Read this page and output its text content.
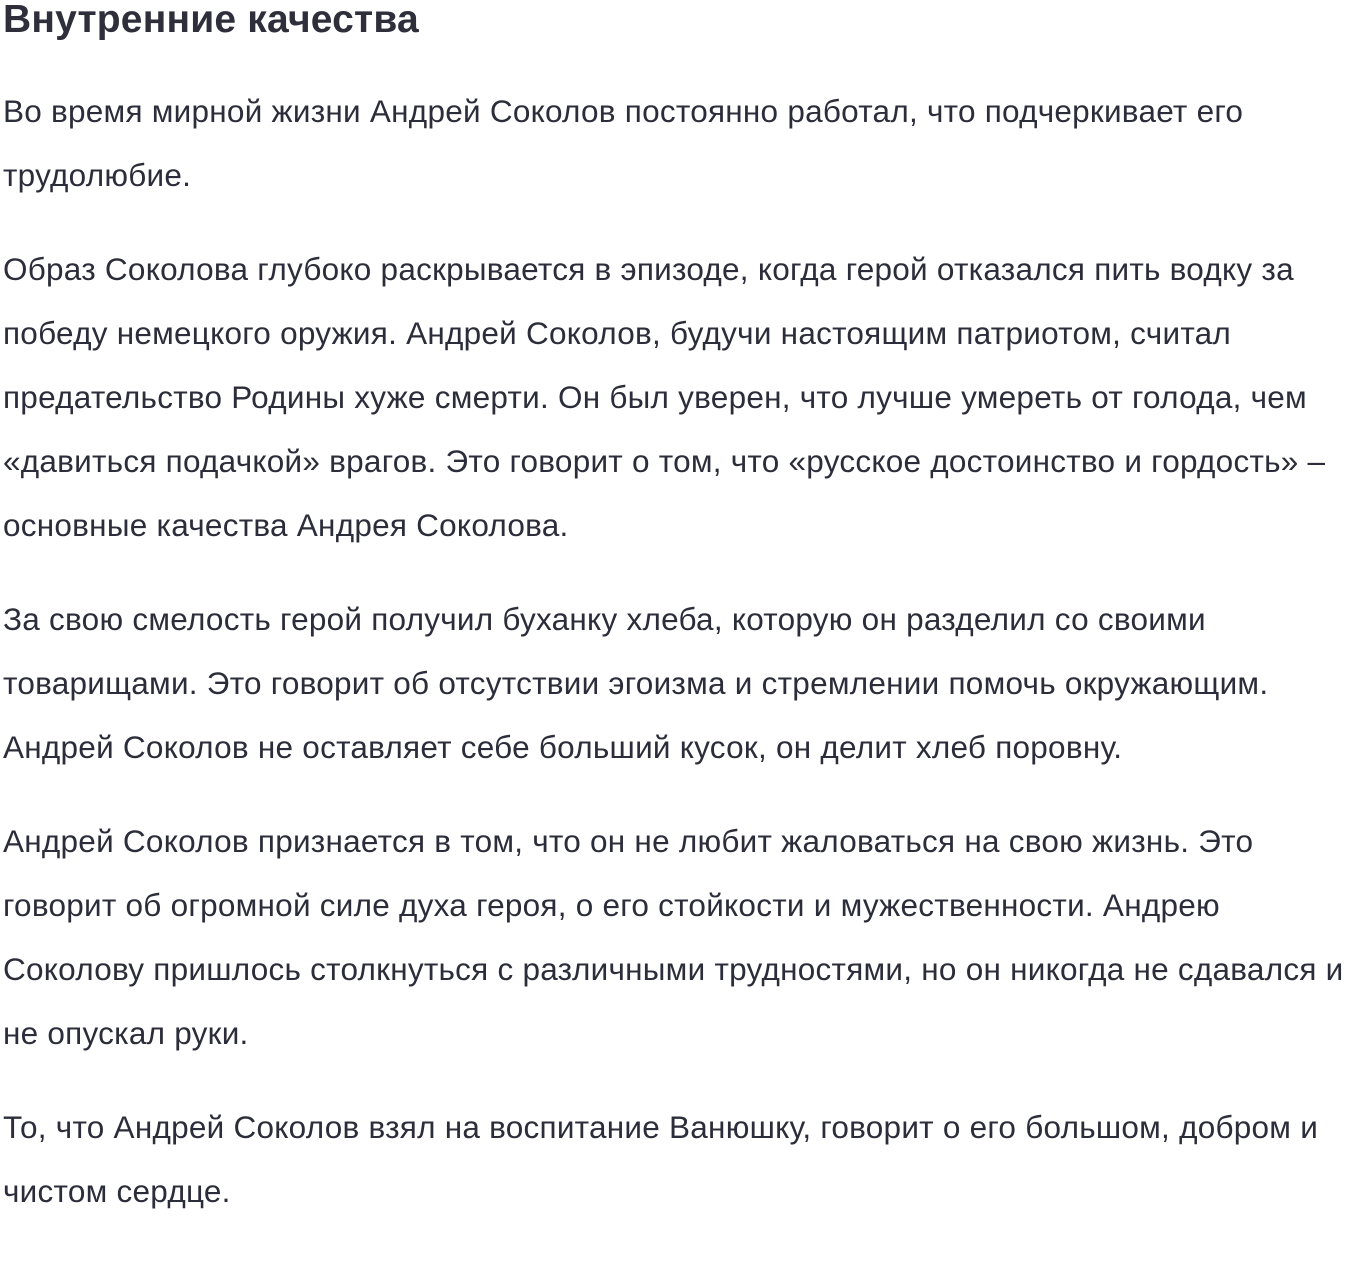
Внутренние качества

Во время мирной жизни Андрей Соколов постоянно работал, что подчеркивает его трудолюбие.

Образ Соколова глубоко раскрывается в эпизоде, когда герой отказался пить водку за победу немецкого оружия. Андрей Соколов, будучи настоящим патриотом, считал предательство Родины хуже смерти. Он был уверен, что лучше умереть от голода, чем «давиться подачкой» врагов. Это говорит о том, что «русское достоинство и гордость» – основные качества Андрея Соколова.

За свою смелость герой получил буханку хлеба, которую он разделил со своими товарищами. Это говорит об отсутствии эгоизма и стремлении помочь окружающим. Андрей Соколов не оставляет себе больший кусок, он делит хлеб поровну.

Андрей Соколов признается в том, что он не любит жаловаться на свою жизнь. Это говорит об огромной силе духа героя, о его стойкости и мужественности. Андрею Соколову пришлось столкнуться с различными трудностями, но он никогда не сдавался и не опускал руки.

То, что Андрей Соколов взял на воспитание Ванюшку, говорит о его большом, добром и чистом сердце.
